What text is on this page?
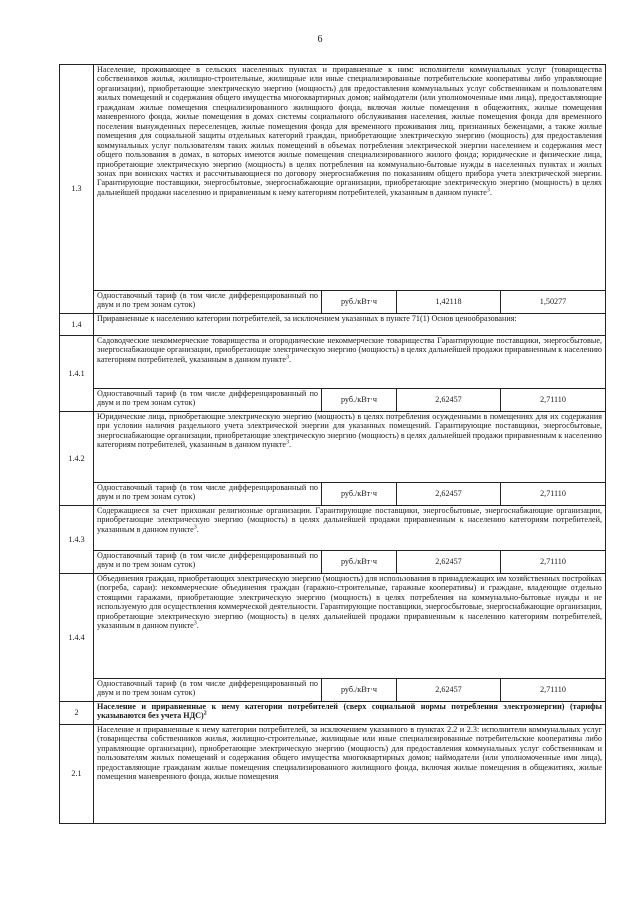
6
1.3	Население, проживающее в сельских населенных пунктах и приравненные к ним: исполнители коммунальных услуг (товарищества собственников жилья, жилищно-строительные, жилищные или иные специализированные потребительские кооперативы либо управляющие организации), приобретающие электрическую энергию (мощность) для предоставления коммунальных услуг собственникам и пользователям жилых помещений и содержания общего имущества многоквартирных домов; наймодатели (или уполномоченные ими лица), предоставляющие гражданам жилые помещения специализированного жилищного фонда, включая жилые помещения в общежитиях, жилые помещения маневренного фонда, жилые помещения в домах системы социального обслуживания населения, жилые помещения фонда для временного поселения вынужденных переселенцев, жилые помещения фонда для временного проживания лиц, признанных беженцами, а также жилые помещения для социальной защиты отдельных категорий граждан, приобретающие электрическую энергию (мощность) для предоставления коммунальных услуг пользователям таких жилых помещений в объемах потребления электрической энергии населением и содержания мест общего пользования в домах, в которых имеются жилые помещения специализированного жилого фонда; юридические и физические лица, приобретающие электрическую энергию (мощность) в целях потребления на коммунально-бытовые нужды в населенных пунктах и жилых зонах при воинских частях и рассчитывающиеся по договору энергоснабжения по показаниям общего прибора учета электрической энергии. Гарантирующие поставщики, энергосбытовые, энергоснабжающие организации, приобретающие электрическую энергию (мощность) в целях дальнейшей продажи населению и приравненным к нему категориям потребителей, указанным в данном пункте$^3$.			
	Одноставочный тариф (в том числе дифференцированный по двум и по трем зонам суток)	руб./кВт·ч	1,42118	1,50277
1.4	Приравненные к населению категории потребителей, за исключением указанных в пункте 71(1) Основ ценообразования:			
1.4.1	Садоводческие некоммерческие товарищества и огороднические некоммерческие товарищества Гарантирующие поставщики, энергосбытовые, энергоснабжающие организации, приобретающие электрическую энергию (мощность) в целях дальнейшей продажи приравненным к населению категориям потребителей, указанным в данном пункте$^3$.			
	Одноставочный тариф (в том числе дифференцированный по двум и по трем зонам суток)	руб./кВт·ч	2,62457	2,71110
1.4.2	Юридические лица, приобретающие электрическую энергию (мощность) в целях потребления осужденными в помещениях для их содержания при условии наличия раздельного учета электрической энергии для указанных помещений. Гарантирующие поставщики, энергосбытовые, энергоснабжающие организации, приобретающие электрическую энергию (мощность) в целях дальнейшей продажи приравненным к населению категориям потребителей, указанным в данном пункте$^3$.			
	Одноставочный тариф (в том числе дифференцированный по двум и по трем зонам суток)	руб./кВт·ч	2,62457	2,71110
1.4.3	Содержащиеся за счет прихожан религиозные организации. Гарантирующие поставщики, энергосбытовые, энергоснабжающие организации, приобретающие электрическую энергию (мощность) в целях дальнейшей продажи приравненным к населению категориям потребителей, указанным в данном пункте$^3$.			
	Одноставочный тариф (в том числе дифференцированный по двум и по трем зонам суток)	руб./кВт·ч	2,62457	2,71110
1.4.4	Объединения граждан, приобретающих электрическую энергию (мощность) для использования в принадлежащих им хозяйственных постройках (погреба, сараи): некоммерческие объединения граждан (гаражно-строительные, гаражные кооперативы) и граждане, владеющие отдельно стоящими гаражами, приобретающие электрическую энергию (мощность) в целях потребления на коммунально-бытовые нужды и не используемую для осуществления коммерческой деятельности. Гарантирующие поставщики, энергосбытовые, энергоснабжающие организации, приобретающие электрическую энергию (мощность) в целях дальнейшей продажи приравненным к населению категориям потребителей, указанным в данном пункте$^3$.			
	Одноставочный тариф (в том числе дифференцированный по двум и по трем зонам суток)	руб./кВт·ч	2,62457	2,71110
2	Население и приравненные к нему категории потребителей (сверх социальной нормы потребления электроэнергии) (тарифы указываются без учета НДС)$^2$
2.1	Население и приравненные к нему категории потребителей, за исключением указанного в пунктах 2.2 и 2.3: исполнители коммунальных услуг (товарищества собственников жилья, жилищно-строительные, жилищные или иные специализированные потребительские кооперативы либо управляющие организации), приобретающие электрическую энергию (мощность) для предоставления коммунальных услуг собственникам и пользователям жилых помещений и содержания общего имущества многоквартирных домов; наймодатели (или уполномоченные ими лица), предоставляющие гражданам жилые помещения специализированного жилищного фонда, включая жилые помещения в общежитиях, жилые помещения маневренного фонда, жилые помещения			
